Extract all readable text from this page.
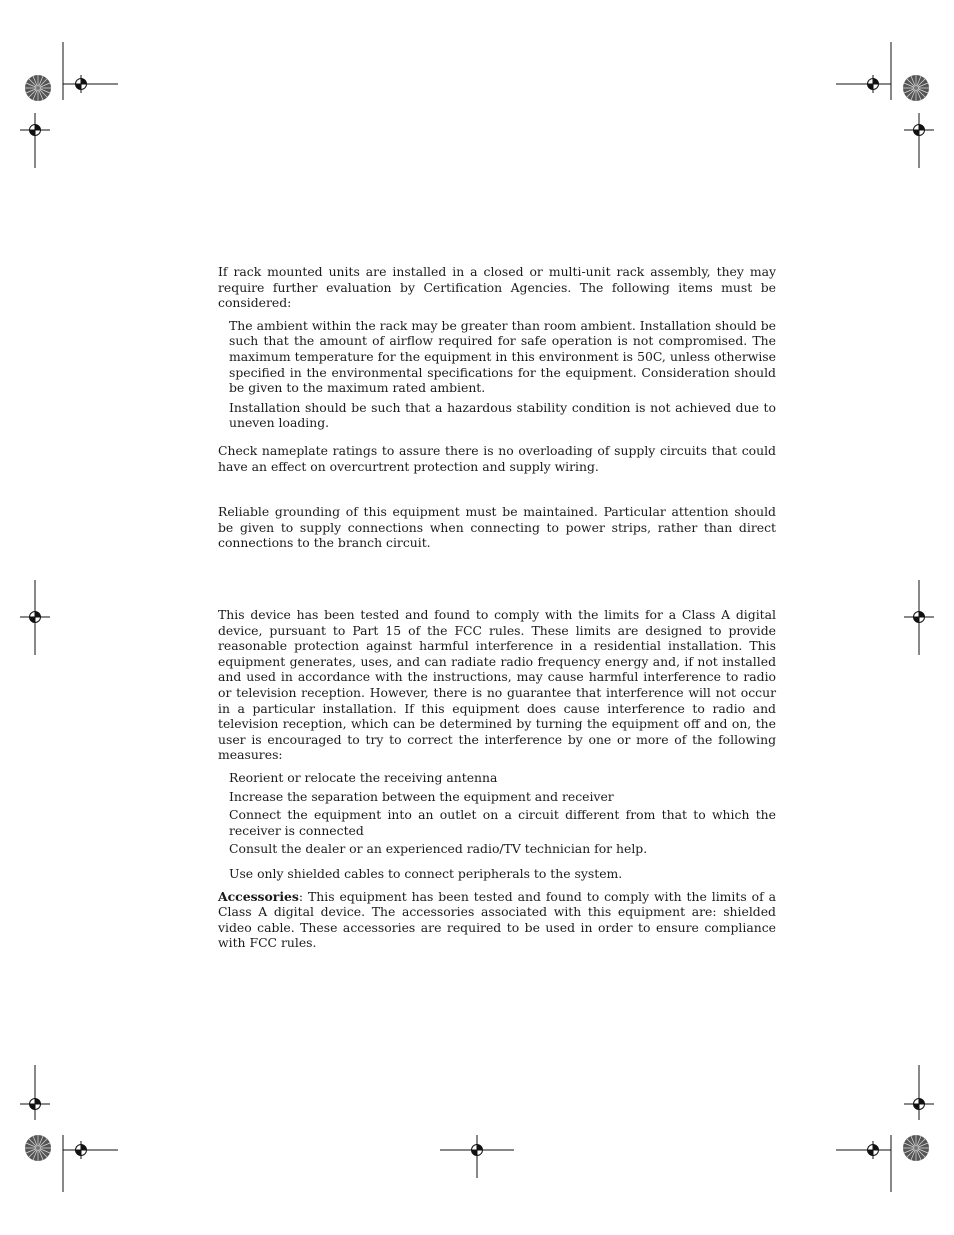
If rack mounted units are installed in a closed or multi-unit rack assembly, they may require further evaluation by Certification Agencies. The following items must be considered:

The ambient within the rack may be greater than room ambient. Installation should be such that the amount of airflow required for safe operation is not compromised. The maximum temperature for the equipment in this environment is 50C, unless otherwise specified in the environmental specifications for the equipment. Consideration should be given to the maximum rated ambient.

Installation should be such that a hazardous stability condition is not achieved due to uneven loading.

Check nameplate ratings to assure there is no overloading of supply circuits that could have an effect on overcurtrent protection and supply wiring.

Reliable grounding of this equipment must be maintained. Particular attention should be given to supply connections when connecting to power strips, rather than direct connections to the branch circuit.

This device has been tested and found to comply with the limits for a Class A digital device, pursuant to Part 15 of the FCC rules. These limits are designed to provide reasonable protection against harmful interference in a residential installation. This equipment generates, uses, and can radiate radio frequency energy and, if not installed and used in accordance with the instructions, may cause harmful interference to radio or television reception. However, there is no guarantee that interference will not occur in a particular installation. If this equipment does cause interference to radio and television reception, which can be determined by turning the equipment off and on, the user is encouraged to try to correct the interference by one or more of the following measures:

Reorient or relocate the receiving antenna

Increase the separation between the equipment and receiver

Connect the equipment into an outlet on a circuit different from that to which the receiver is connected

Consult the dealer or an experienced radio/TV technician for help.

Use only shielded cables to connect peripherals to the system.

Accessories: This equipment has been tested and found to comply with the limits of a Class A digital device. The accessories associated with this equipment are: shielded video cable. These accessories are required to be used in order to ensure compliance with FCC rules.
